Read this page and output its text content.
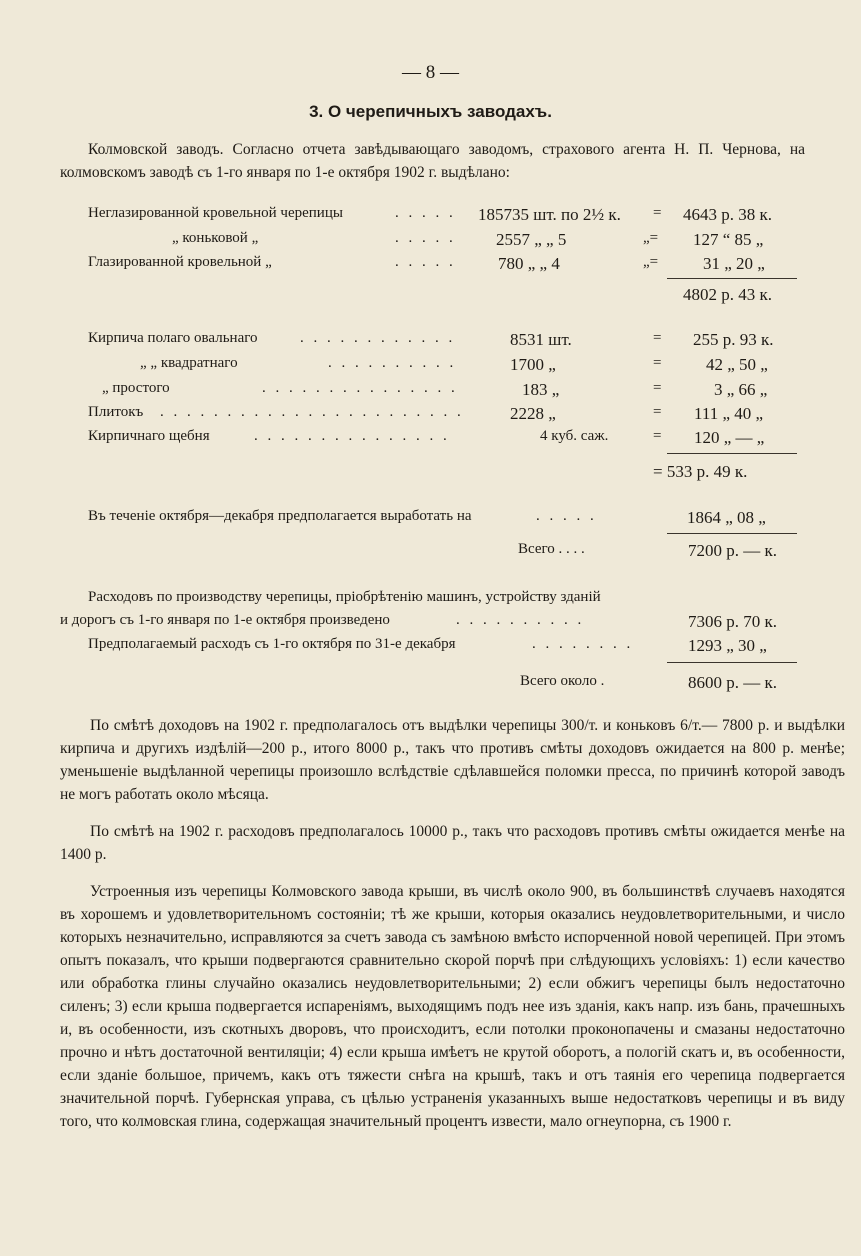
— 8 —
3. О черепичныхъ заводахъ.
Колмовской заводъ. Согласно отчета завѣдывающаго заводомъ, страхового агента Н. П. Чернова, на колмовскомъ заводѣ съ 1-го января по 1-е октября 1902 г. выдѣлано:
Неглазированной кровельной черепицы	. . . . . 185735 шт. по 2½ к. = 4643 р. 38 к.
„ коньковой „	. . . . . 2557 „ „ 5	„= 127 “ 85 „
Глазированной кровельной „	. . . . . 780 „ „ 4	„=	31 „ 20 „
4802 р. 43 к.
Кирпича полаго овальнаго	. . . . . . . . . . . .	8531 шт.	= 255 р. 93 к.
„ „ квадратнаго	. . . . . . . . . .	1700 „	=	42 „ 50 „
„ простого	. . . . . . . . . . . . . . .	183 „	=	3 „ 66 „
Плитокъ . . . . . . . . . . . . . . . . . . . . . . .	2228 „	= 111 „ 40 „
Кирпичнаго щебня	. . . . . . . . . . . . . . .	4 куб. саж.	= 120 „ — „
= 533 р. 49 к.
Въ теченіе октября—декабря предполагается выработать на	. . . . .	1864 „ 08 „
Всего . . . .	7200 р. — к.
Расходовъ по производству черепицы, пріобрѣтенію машинъ, устройству зданій
и дорогъ съ 1-го января по 1-е октября произведено	. . . . . . . . . .	7306 р. 70 к.
Предполагаемый расходъ съ 1-го октября по 31-е декабря	. . . . . . . .	1293 „ 30 „
Всего около .	8600 р. — к.
По смѣтѣ доходовъ на 1902 г. предполагалось отъ выдѣлки черепицы 300/т. и коньковъ 6/т.— 7800 р. и выдѣлки кирпича и другихъ издѣлій—200 р., итого 8000 р., такъ что противъ смѣты доходовъ ожидается на 800 р. менѣе; уменьшеніе выдѣланной черепицы произошло вслѣдствіе сдѣлавшейся поломки пресса, по причинѣ которой заводъ не могъ работать около мѣсяца.
По смѣтѣ на 1902 г. расходовъ предполагалось 10000 р., такъ что расходовъ противъ смѣты ожидается менѣе на 1400 р.
Устроенныя изъ черепицы Колмовского завода крыши, въ числѣ около 900, въ большинствѣ случаевъ находятся въ хорошемъ и удовлетворительномъ состояніи; тѣ же крыши, которыя оказались неудовлетворительными, и число которыхъ незначительно, исправляются за счетъ завода съ замѣною вмѣсто испорченной новой черепицей. При этомъ опытъ показалъ, что крыши подвергаются сравнительно скорой порчѣ при слѣдующихъ условіяхъ: 1) если качество или обработка глины случайно оказались неудовлетворительными; 2) если обжигъ черепицы былъ недостаточно силенъ; 3) если крыша подвергается испареніямъ, выходящимъ подъ нее изъ зданія, какъ напр. изъ бань, прачешныхъ и, въ особенности, изъ скотныхъ дворовъ, что происходитъ, если потолки проконопачены и смазаны недостаточно прочно и нѣтъ достаточной вентиляціи; 4) если крыша имѣетъ не крутой оборотъ, а пологій скатъ и, въ особенности, если зданіе большое, причемъ, какъ отъ тяжести снѣга на крышѣ, такъ и отъ таянія его черепица подвергается значительной порчѣ. Губернская управа, съ цѣлью устраненія указанныхъ выше недостатковъ черепицы и въ виду того, что колмовская глина, содержащая значительный процентъ извести, мало огнеупорна, съ 1900 г.
